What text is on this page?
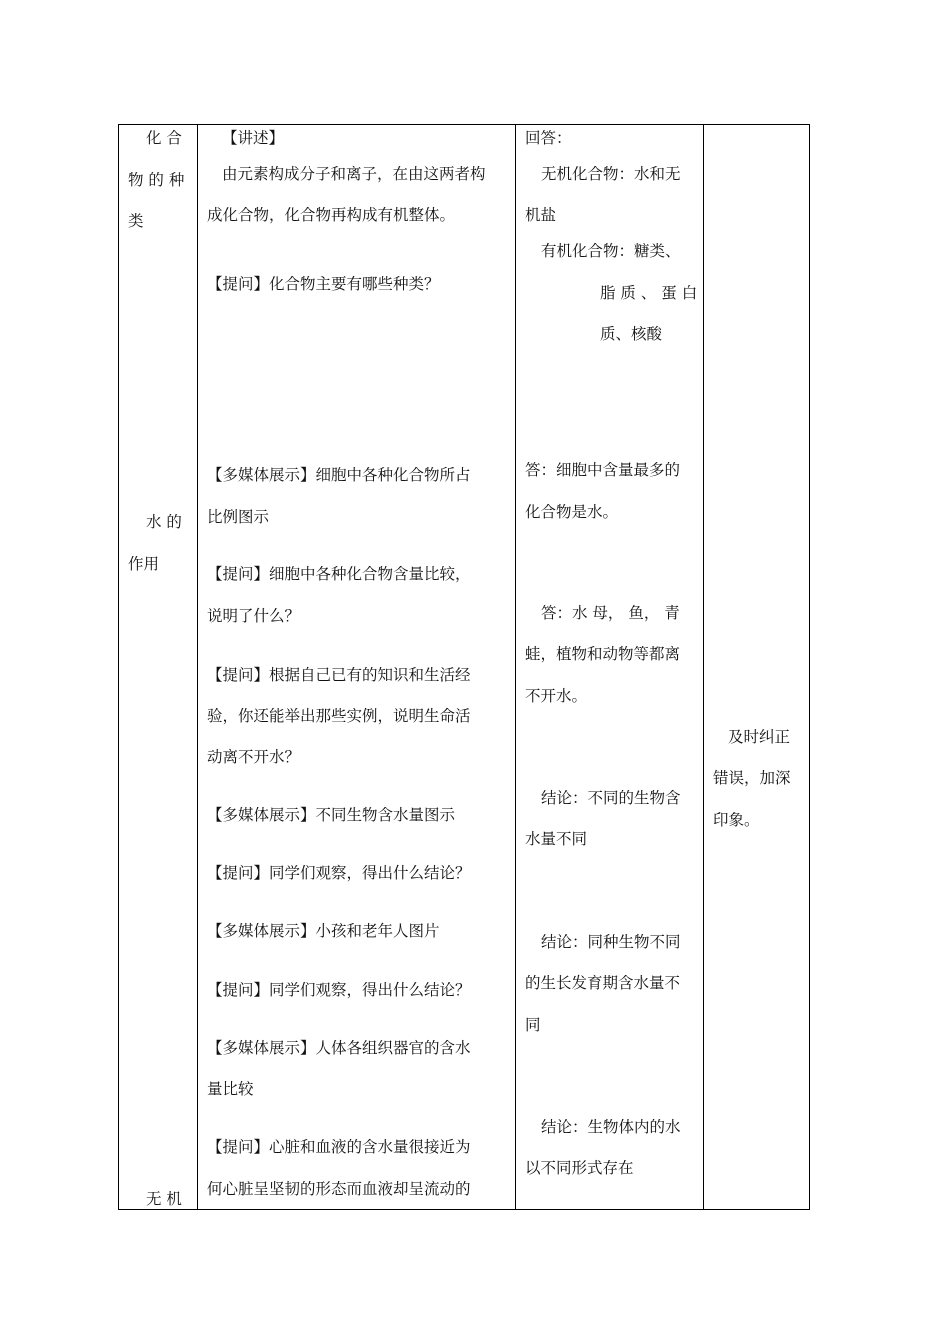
化 合
物 的 种
类
水 的
作用
无 机
【讲述】
由元素构成分子和离子，在由这两者构
成化合物，化合物再构成有机整体。
【提问】化合物主要有哪些种类？
【多媒体展示】细胞中各种化合物所占
比例图示
【提问】细胞中各种化合物含量比较，
说明了什么？
【提问】根据自己已有的知识和生活经
验，你还能举出那些实例，说明生命活
动离不开水？
【多媒体展示】不同生物含水量图示
【提问】同学们观察，得出什么结论？
【多媒体展示】小孩和老年人图片
【提问】同学们观察，得出什么结论？
【多媒体展示】人体各组织器官的含水
量比较
【提问】心脏和血液的含水量很接近为
何心脏呈坚韧的形态而血液却呈流动的
回答：
无机化合物：水和无
机盐
有机化合物：糖类、
脂 质 、 蛋 白
质、核酸
答：细胞中含量最多的
化合物是水。
答：水 母， 鱼， 青
蛙，植物和动物等都离
不开水。
结论：不同的生物含
水量不同
结论：同种生物不同
的生长发育期含水量不
同
结论：生物体内的水
以不同形式存在
及时纠正
错误，加深
印象。
